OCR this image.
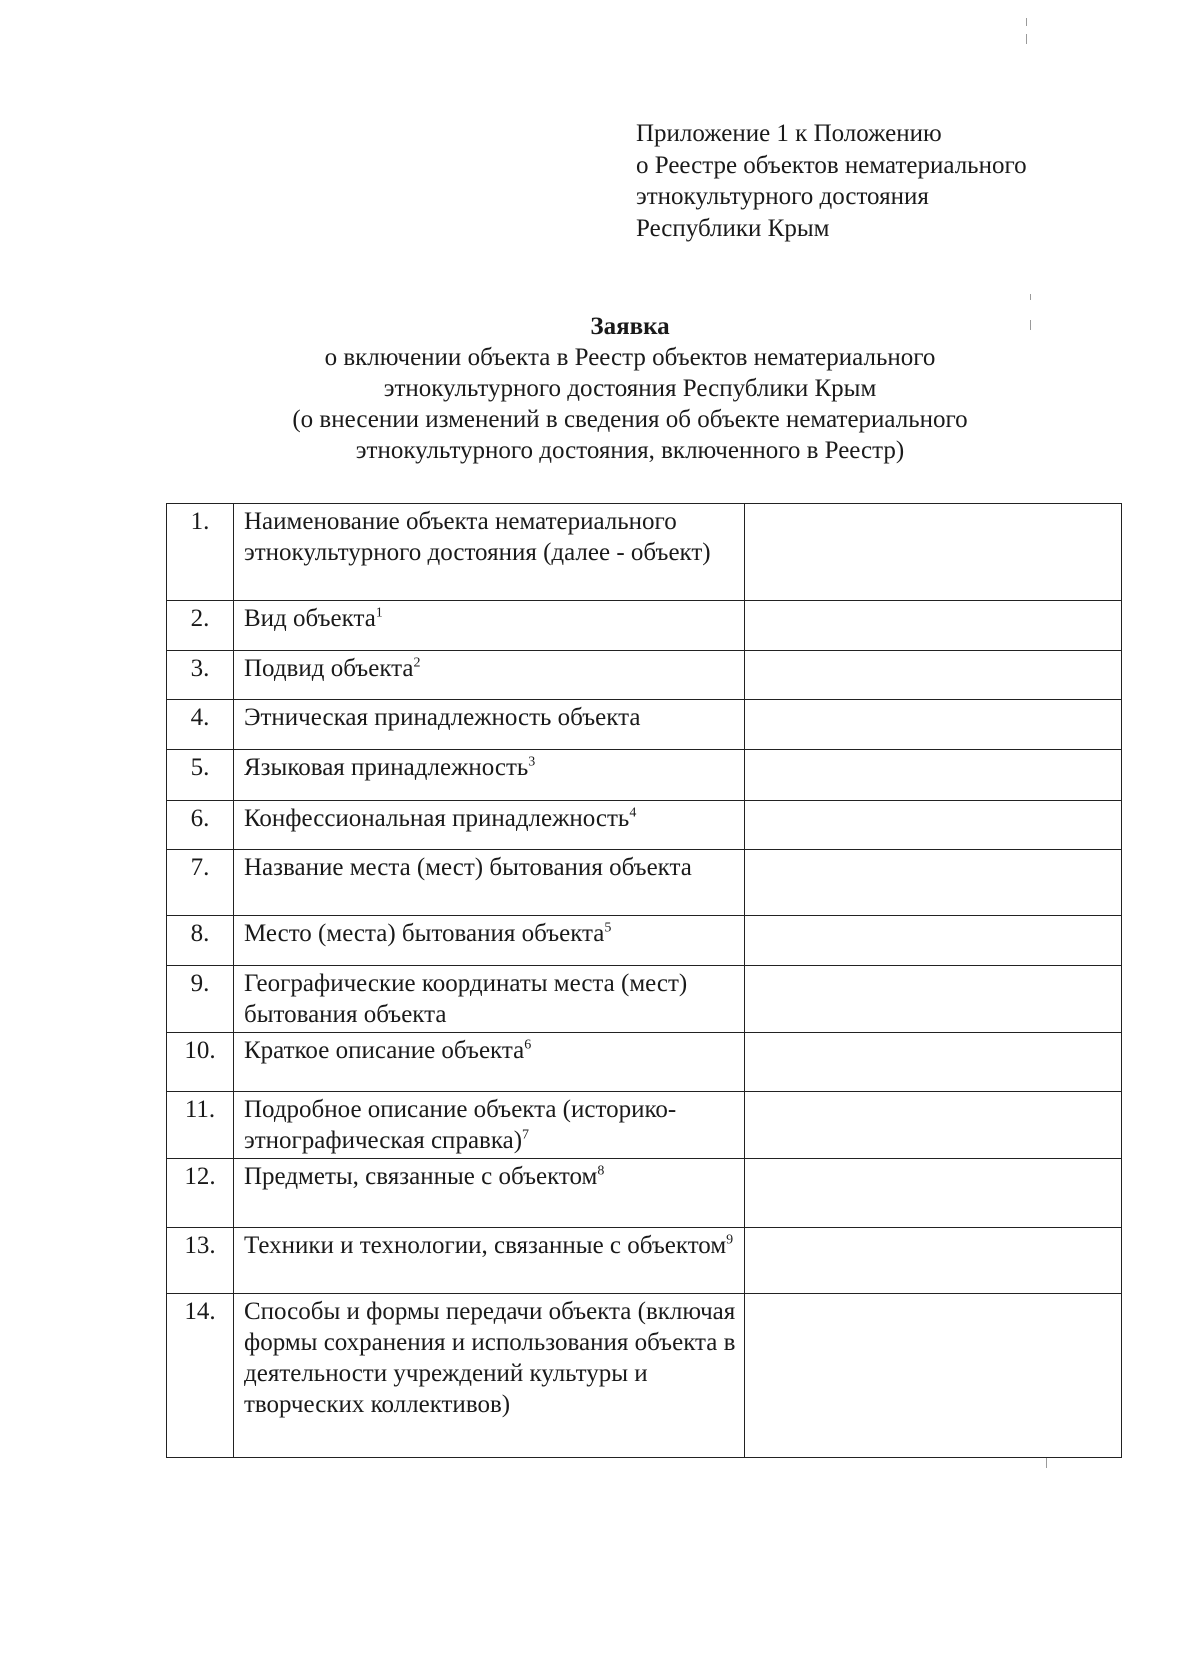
Приложение 1 к Положению
о Реестре объектов нематериального
этнокультурного достояния
Республики Крым
Заявка
о включении объекта в Реестр объектов нематериального
этнокультурного достояния Республики Крым
(о внесении изменений в сведения об объекте нематериального
этнокультурного достояния, включенного в Реестр)
1.	Наименование объекта нематериального этнокультурного достояния (далее - объект)	
2.	Вид объекта$^1$	
3.	Подвид объекта$^2$	
4.	Этническая принадлежность объекта	
5.	Языковая принадлежность$^3$	
6.	Конфессиональная принадлежность$^4$	
7.	Название места (мест) бытования объекта	
8.	Место (места) бытования объекта$^5$	
9.	Географические координаты места (мест) бытования объекта	
10.	Краткое описание объекта$^6$	
11.	Подробное описание объекта (историко-этнографическая справка)$^7$	
12.	Предметы, связанные с объектом$^8$	
13.	Техники и технологии, связанные с объектом$^9$	
14.	Способы и формы передачи объекта (включая формы сохранения и использования объекта в деятельности учреждений культуры и творческих коллективов)	
